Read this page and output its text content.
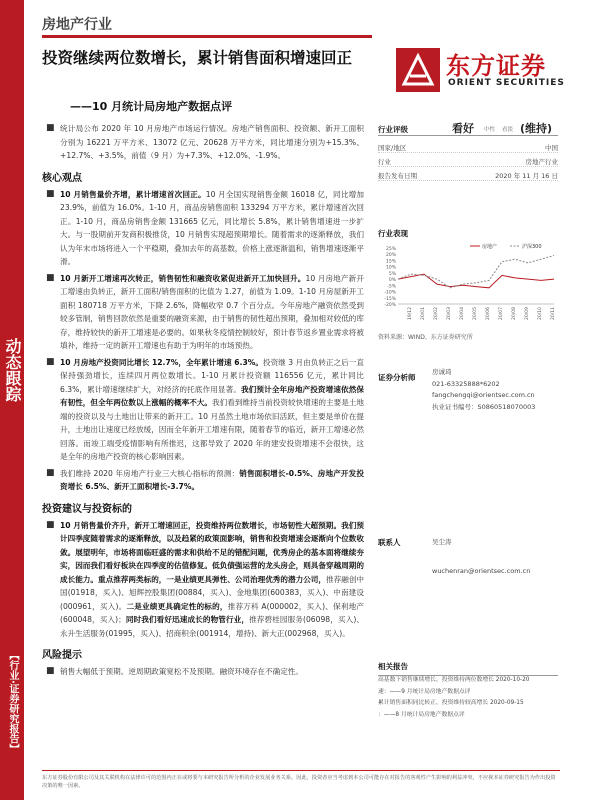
动态跟踪
【行业·证券研究报告】
房地产行业
投资继续两位数增长，累计销售面积增速回正
——10 月统计局房地产数据点评
东方证券
ORIENT SECURITIES
■ 统计局公布 2020 年 10 月房地产市场运行情况。房地产销售面积、投资额、新开工面积分别为 16221 万平方米、13072 亿元、20628 万平方米，同比增速分别为+15.3%、+12.7%、+3.5%，前值（9 月）为+7.3%、+12.0%、-1.9%。
核心观点
■ 10 月销售量价齐增，累计增速首次回正。10 月全国实现销售金额 16018 亿，同比增加 23.9%，前值为 16.0%。1-10 月，商品房销售面积 133294 万平方米，累计增速首次回正。1-10 月，商品房销售金额 131665 亿元，同比增长 5.8%，累计销售增速进一步扩大。与一股期前开发商积极推货，10 月销售实现超预期增长。随着需求的逐渐释放，我们认为年末市场将进入一个平稳期，叠加去年的高基数，价格上涨逐渐温和，销售增速逐渐平滑。
■ 10 月新开工增速再次转正，销售韧性和融资收紧促进新开工加快回升。10 月房地产新开工增速由负转正，新开工面积/销售面积的比值为 1.27，前值为 1.09。1-10 月房屋新开工面积 180718 万平方米，下降 2.6%，降幅收窄 0.7 个百分点。今年房地产融资依然受到较多管制，销售回款依然是重要的融资来源，由于销售的韧性超出预期，叠加相对较低的库存，维持较快的新开工增速是必要的。如果秋冬疫情控制较好，预计春节返乡置业需求将被填补，维持一定的新开工增速也有助于为明年的市场预热。
■ 10 月房地产投资同比增长 12.7%，全年累计增速 6.3%。投资继 3 月由负转正之后一直保持强劲增长，连续四月两位数增长。1-10 月累计投资额 116556 亿元，累计同比 6.3%，累计增速继续扩大，对经济的托底作用显著。我们预计全年房地产投资增速依然保有韧性，但全年两位数以上涨幅的概率不大。我们看到维持当前投资较快增速的主要是土地端的投资以及与土地出让带来的新开工。10 月虽然土地市场依旧活跃，但主要是单价在提升，土地出让速度已经放缓，因而全年新开工增速有限，随着春节的临近，新开工增速必然回落。而竣工端受疫情影响有所推迟，这都导致了 2020 年的建安投资增速不会很快，这是全年的房地产投资的核心影响因素。
■ 我们维持 2020 年房地产行业三大核心指标的预测：销售面积增长-0.5%、房地产开发投资增长 6.5%、新开工面积增长-3.7%。
投资建议与投资标的
■ 10 月销售量价齐升，新开工增速回正，投资维持两位数增长，市场韧性大超预期。我们预计四季度随着需求的逐渐释放，以及趋紧的政策面影响，销售和投资增速会逐渐向个位数收敛。展望明年，市场将面临旺盛的需求和供给不足的错配问题，优秀房企的基本面将继续夯实，因而我们看好板块在四季度的估值修复。低负债强运营的龙头房企，则具备穿越周期的成长能力。重点推荐两类标的，一是业绩更具弹性、公司治理优秀的潜力公司，推荐融创中国(01918，买入)、旭辉控股集团(00884，买入)、金地集团(600383，买入)、中南建设(000961，买入)。二是业绩更具确定性的标的，推荐万科 A(000002，买入)、保利地产(600048，买入)；同时我们看好迅速成长的物管行业，推荐碧桂园服务(06098，买入)、永升生活服务(01995，买入)、招商积余(001914，增持)、新大正(002968，买入)。
风险提示
■ 销售大幅低于预期。逆周期政策宽松不及预期。融资环境存在不确定性。
行业评级	看好 中性 看淡 (维持)
国家/地区	中国
行业	房地产行业
报告发布日期	2020 年 11 月 16 日
行业表现
25%
20%
15%
10%
5%
0%
-5%
-10%
-15%
-20%
19/12 20/01 20/02 20/03 20/04 20/05 20/06 20/07 20/08 20/09 20/10 20/11
房地产	沪深300
资料来源：WIND、东方证券研究所
证券分析师
房诚琦
021-63325888*6202
fangchengqi@orientsec.com.cn
执业证书编号：S0860518070003
联系人	吴尘涛
wuchenran@orientsec.com.cn
相关报告
高基数下销售继续增长，投资维持两位数增长 2020-10-20
速：——9 月统计局房地产数据点评
累计销售面积同比转正，投资维持较高增长 2020-09-15
：——8 月统计局房地产数据点评
东方证券股份有限公司及其关联机构在法律许可的范围内正在或将要与本研究报告所分析的企业发展业务关系。因此，投资者应当考虑到本公司可能存在对报告的客观性产生影响的利益冲突，不应视本证券研究报告为作出投资决策的唯一因素。
